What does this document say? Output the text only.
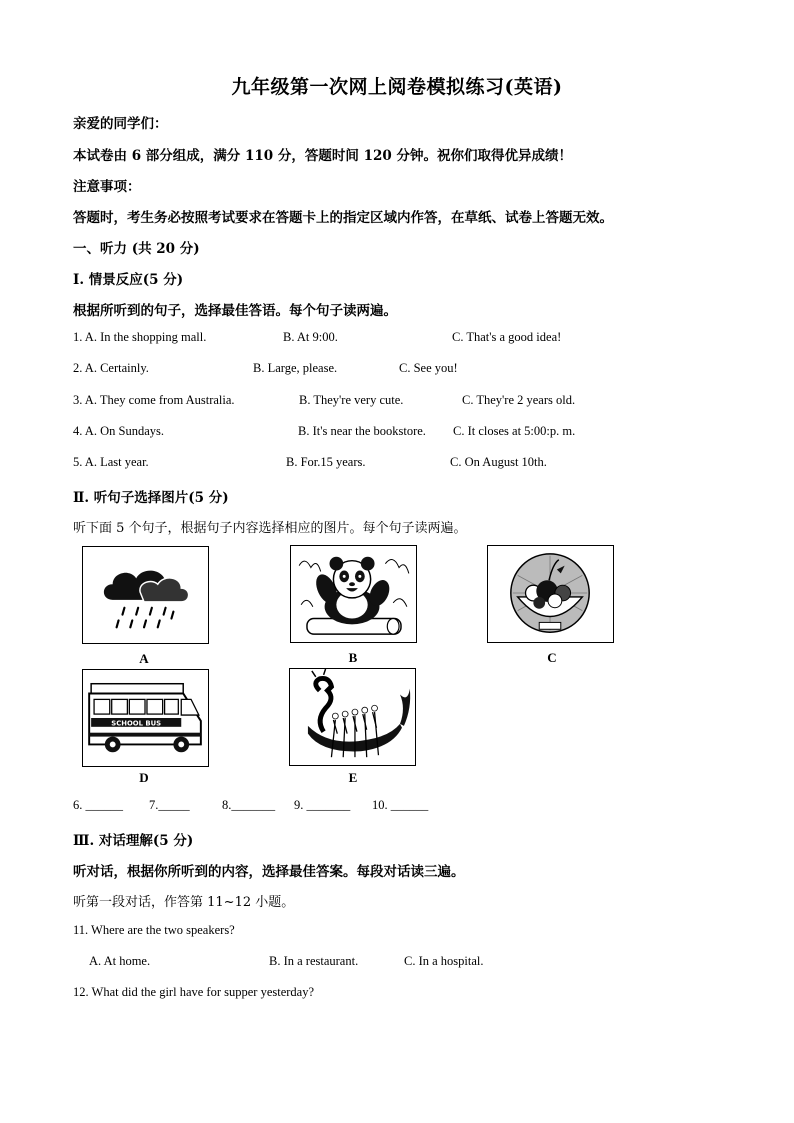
九年级第一次网上阅卷模拟练习(英语)
亲爱的同学们：
本试卷由 6 部分组成，满分 110 分，答题时间 120 分钟。祝你们取得优异成绩！
注意事项：
答题时，考生务必按照考试要求在答题卡上的指定区域内作答，在草纸、试卷上答题无效。
一、听力 (共 20 分)
Ⅰ. 情景反应(5 分)
根据所听到的句子，选择最佳答语。每个句子读两遍。
1. A. In the shopping mall.	B. At 9:00.	C. That's a good idea!
2. A. Certainly.	B. Large, please.	C. See you!
3. A. They come from Australia.	B. They're very cute.	C. They're 2 years old.
4. A. On Sundays.	B. It's near the bookstore. C. It closes at 5:00:p. m.
5. A. Last year.	B. For.15 years.	C. On August 10th.
Ⅱ. 听句子选择图片(5 分)
听下面 5 个句子，根据句子内容选择相应的图片。每个句子读两遍。
A	B	C
SCHOOL BUS
D	E
6. ______ 7._____	8._______ 9. _______ 10. ______
Ⅲ. 对话理解(5 分)
听对话，根据你所听到的内容，选择最佳答案。每段对话读三遍。
听第一段对话，作答第 11~12 小题。
11. Where are the two speakers?
A. At home.	B. In a restaurant.	C. In a hospital.
12. What did the girl have for supper yesterday?
